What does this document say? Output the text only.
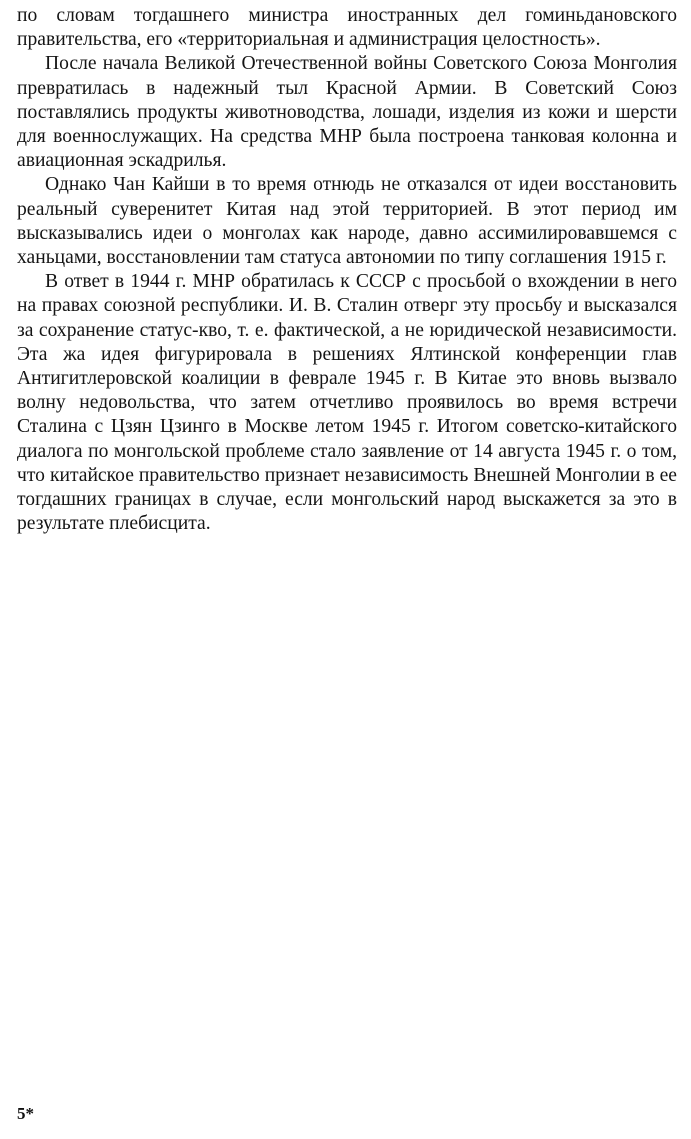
по словам тогдашнего министра иностранных дел гоминьдановского правительства, его «территориальная и администрация целостность».

После начала Великой Отечественной войны Советского Союза Монголия превратилась в надежный тыл Красной Армии. В Советский Союз поставлялись продукты животноводства, лошади, изделия из кожи и шерсти для военнослужащих. На средства МНР была построена танковая колонна и авиационная эскадрилья.

Однако Чан Кайши в то время отнюдь не отказался от идеи восстановить реальный суверенитет Китая над этой территорией. В этот период им высказывались идеи о монголах как народе, давно ассимилировавшемся с ханьцами, восстановлении там статуса автономии по типу соглашения 1915 г.

В ответ в 1944 г. МНР обратилась к СССР с просьбой о вхождении в него на правах союзной республики. И. В. Сталин отверг эту просьбу и высказался за сохранение статус-кво, т. е. фактической, а не юридической независимости. Эта жа идея фигурировала в решениях Ялтинской конференции глав Антигитлеровской коалиции в феврале 1945 г. В Китае это вновь вызвало волну недовольства, что затем отчетливо проявилось во время встречи Сталина с Цзян Цзинго в Москве летом 1945 г. Итогом советско-китайского диалога по монгольской проблеме стало заявление от 14 августа 1945 г. о том, что китайское правительство признает независимость Внешней Монголии в ее тогдашних границах в случае, если монгольский народ выскажется за это в результате плебисцита.

5*
